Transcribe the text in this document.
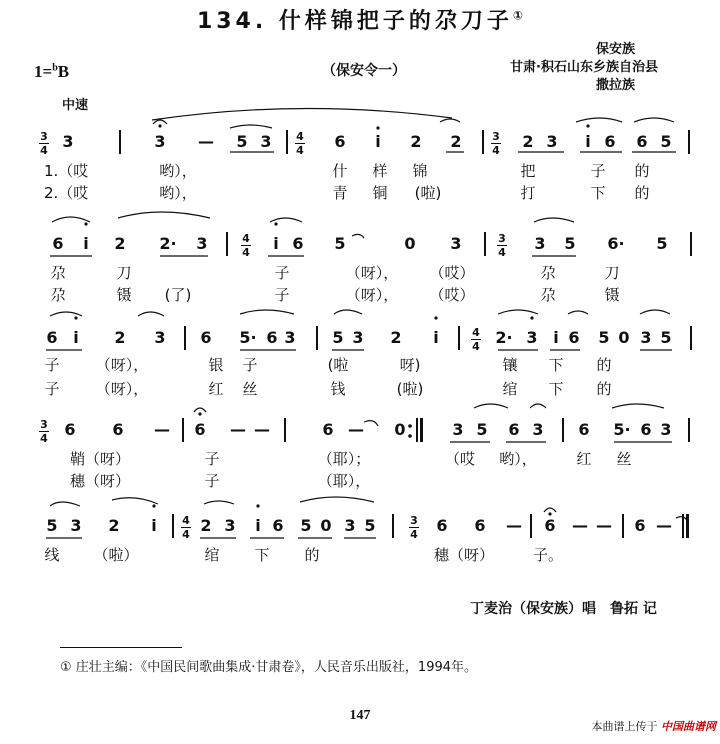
134. 什样锦把子的尕刀子①
1=$^b$B	（保安令一）
保安族
甘肃·积石山东乡族自治县
撒拉族
中速
3
4 3	3 — 5 3 4
4 6 i 2 2	3
4 2 3 i 6 6 5
1.（哎	哟），	什 样 锦	把	子 的
2.（哎	哟），	青 铜 (啦)	打	下 的
6 i 2 2· 3	4
4 i 6 5	0 3	3
4 3 5 6· 5
尕	刀	子	（呀）， （哎）	尕	刀
尕	镊 (了)	子	（呀）， （哎）	尕	镊
6 i 2 3 6 5· 6 3 5 3 2 i	4
4 2· 3 i 6 5 0 3 5
子 （呀），	银 子	(啦	呀)	镶 下 的
子 （呀），	红 丝	钱	(啦)	绾 下 的
3
4 6 6 — 6 — —	6 — 0	3 5 6 3 6 5· 6 3
鞘（呀）	子	（耶）；	（哎 哟），	红 丝
穗（呀）	子	（耶），
5 3 2 i 4
4 2 3 i 6 5 0 3 5	3
4 6 6 — 6 — — 6 —
线 （啦）	绾 下 的	穗（呀）	子。
丁麦治（保安族）唱　鲁拓 记
① 庄壮主编：《中国民间歌曲集成·甘肃卷》，人民音乐出版社，1994年。
147
本曲谱上传于 中国曲谱网
